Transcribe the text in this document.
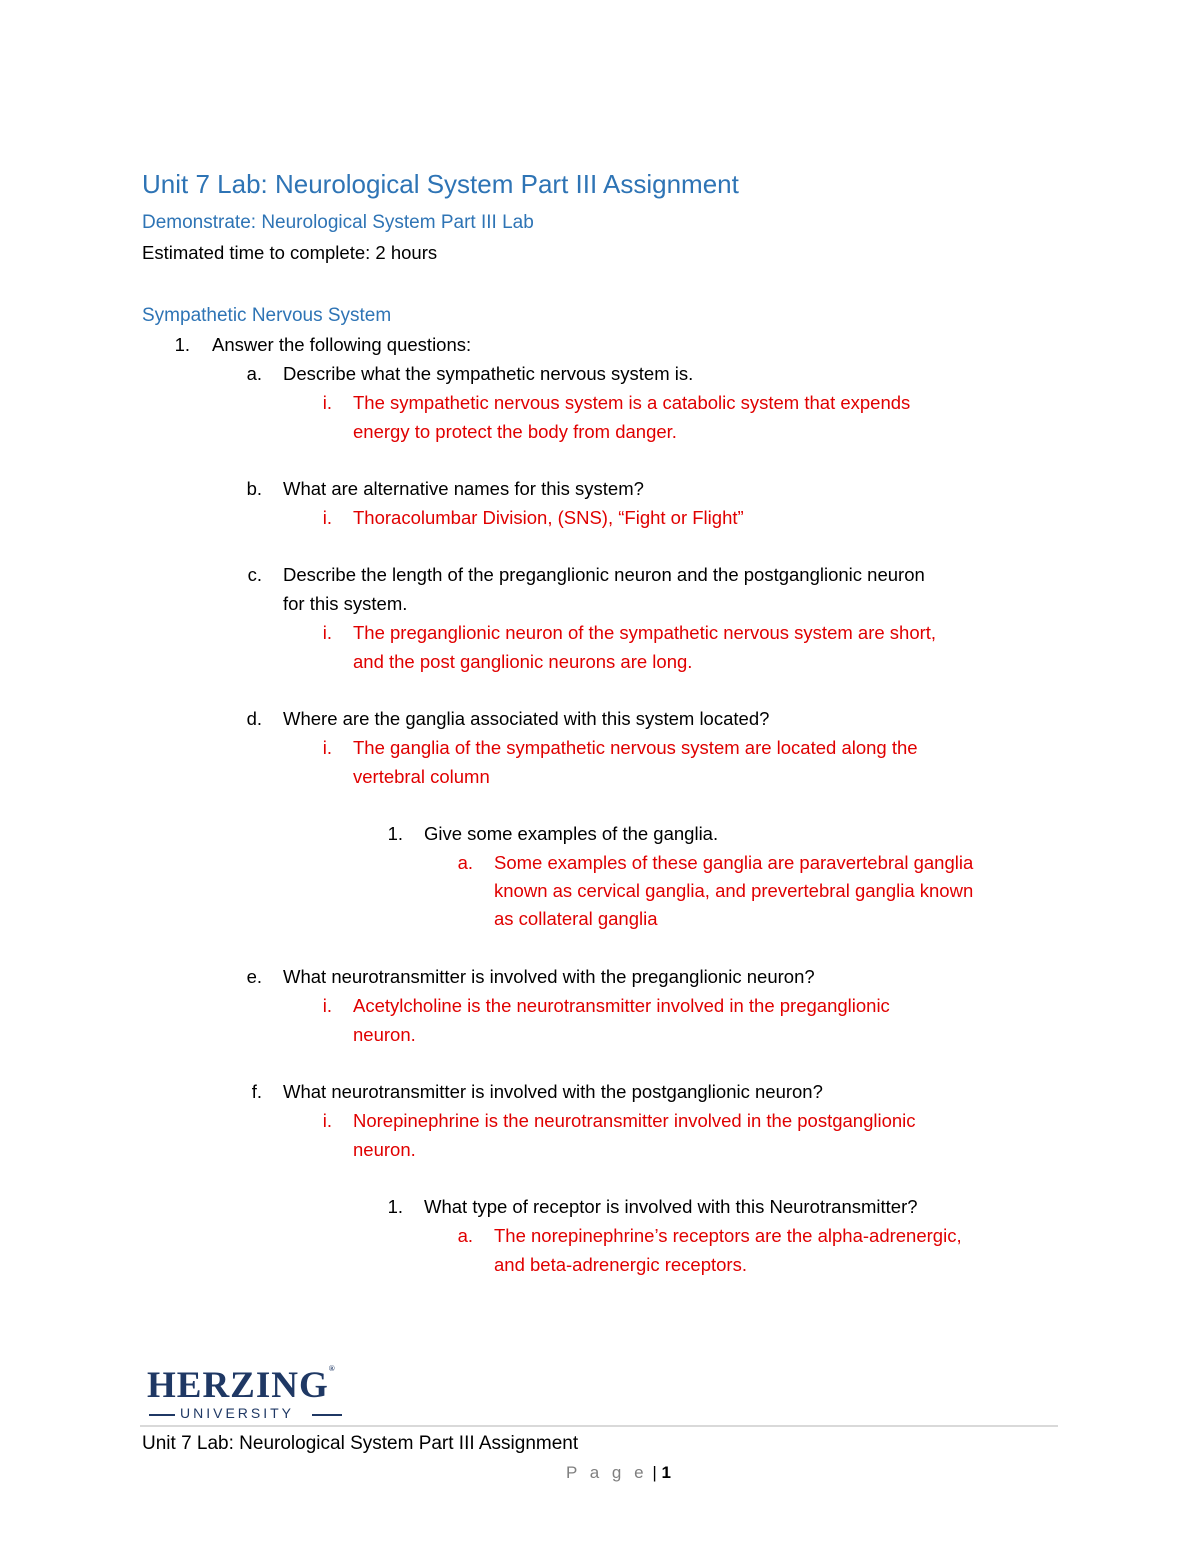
Unit 7 Lab: Neurological System Part III Assignment
Demonstrate: Neurological System Part III Lab
Estimated time to complete: 2 hours
Sympathetic Nervous System
1. Answer the following questions:
a. Describe what the sympathetic nervous system is.
i. The sympathetic nervous system is a catabolic system that expends
energy to protect the body from danger.
b. What are alternative names for this system?
i. Thoracolumbar Division, (SNS), “Fight or Flight”
c. Describe the length of the preganglionic neuron and the postganglionic neuron
for this system.
i. The preganglionic neuron of the sympathetic nervous system are short,
and the post ganglionic neurons are long.
d. Where are the ganglia associated with this system located?
i. The ganglia of the sympathetic nervous system are located along the
vertebral column
1. Give some examples of the ganglia.
a. Some examples of these ganglia are paravertebral ganglia
known as cervical ganglia, and prevertebral ganglia known
as collateral ganglia
e. What neurotransmitter is involved with the preganglionic neuron?
i. Acetylcholine is the neurotransmitter involved in the preganglionic
neuron.
f. What neurotransmitter is involved with the postganglionic neuron?
i. Norepinephrine is the neurotransmitter involved in the postganglionic
neuron.
1. What type of receptor is involved with this Neurotransmitter?
a. The norepinephrine’s receptors are the alpha-adrenergic,
and beta-adrenergic receptors.
HERZING®
UNIVERSITY
Unit 7 Lab: Neurological System Part III Assignment
P a g e | 1
